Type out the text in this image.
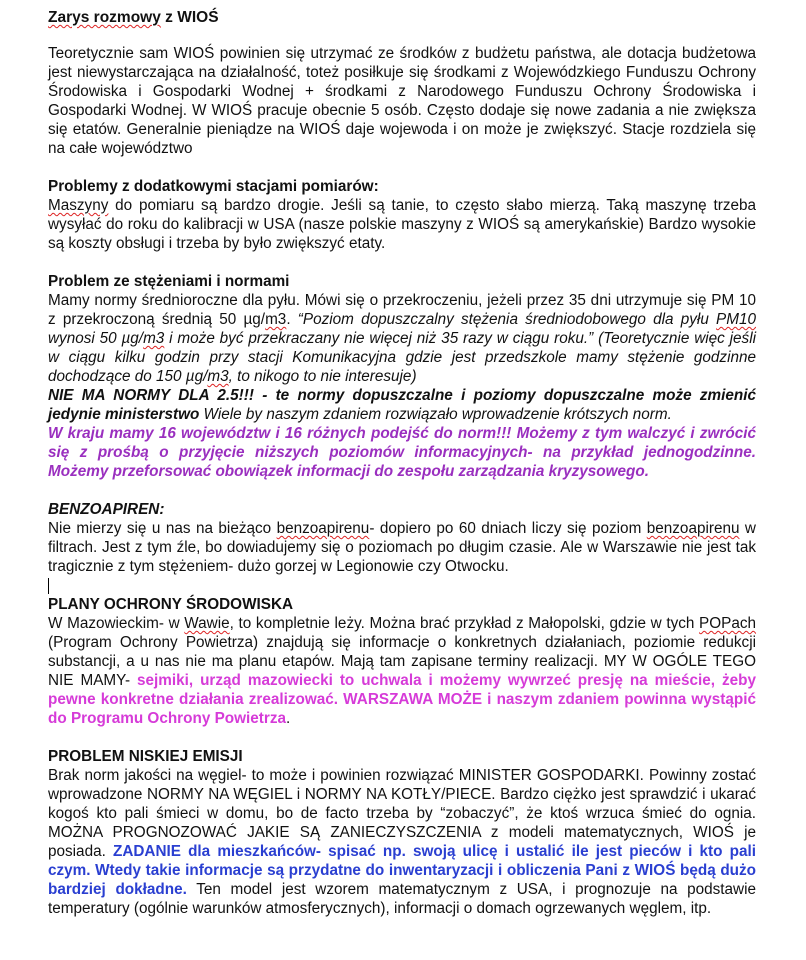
Zarys rozmowy z WIOŚ

Teoretycznie sam WIOŚ powinien się utrzymać ze środków z budżetu państwa, ale dotacja budżetowa jest niewystarczająca na działalność, toteż posiłkuje się środkami z Wojewódzkiego Funduszu Ochrony Środowiska i Gospodarki Wodnej + środkami z Narodowego Funduszu Ochrony Środowiska i Gospodarki Wodnej. W WIOŚ pracuje obecnie 5 osób. Często dodaje się nowe zadania a nie zwiększa się etatów. Generalnie pieniądze na WIOŚ daje wojewoda i on może je zwiększyć. Stacje rozdziela się na całe województwo

Problemy z dodatkowymi stacjami pomiarów:

Maszyny do pomiaru są bardzo drogie. Jeśli są tanie, to często słabo mierzą. Taką maszynę trzeba wysyłać do roku do kalibracji w USA (nasze polskie maszyny z WIOŚ są amerykańskie) Bardzo wysokie są koszty obsługi i trzeba by było zwiększyć etaty.

Problem ze stężeniami i normami

Mamy normy średnioroczne dla pyłu. Mówi się o przekroczeniu, jeżeli przez 35 dni utrzymuje się PM 10 z przekroczoną średnią 50 µg/m3. “Poziom dopuszczalny stężenia średniodobowego dla pyłu PM10 wynosi 50 µg/m3 i może być przekraczany nie więcej niż 35 razy w ciągu roku.” (Teoretycznie więc jeśli w ciągu kilku godzin przy stacji Komunikacyjna gdzie jest przedszkole mamy stężenie godzinne dochodzące do 150 µg/m3, to nikogo to nie interesuje)

NIE MA NORMY DLA 2.5!!! - te normy dopuszczalne i poziomy dopuszczalne może zmienić jedynie ministerstwo Wiele by naszym zdaniem rozwiązało wprowadzenie krótszych norm.

W kraju mamy 16 województw i 16 różnych podejść do norm!!! Możemy z tym walczyć i zwrócić się z prośbą o przyjęcie niższych poziomów informacyjnych- na przykład jednogodzinne. Możemy przeforsować obowiązek informacji do zespołu zarządzania kryzysowego.

BENZOAPIREN:

Nie mierzy się u nas na bieżąco benzoapirenu- dopiero po 60 dniach liczy się poziom benzoapirenu w filtrach. Jest z tym źle, bo dowiadujemy się o poziomach po długim czasie. Ale w Warszawie nie jest tak tragicznie z tym stężeniem- dużo gorzej w Legionowie czy Otwocku.

PLANY OCHRONY ŚRODOWISKA

W Mazowieckim- w Wawie, to kompletnie leży. Można brać przykład z Małopolski, gdzie w tych POPach (Program Ochrony Powietrza) znajdują się informacje o konkretnych działaniach, poziomie redukcji substancji, a u nas nie ma planu etapów. Mają tam zapisane terminy realizacji. MY W OGÓLE TEGO NIE MAMY- sejmiki, urząd mazowiecki to uchwala i możemy wywrzeć presję na mieście, żeby pewne konkretne działania zrealizować. WARSZAWA MOŻE i naszym zdaniem powinna wystąpić do Programu Ochrony Powietrza.

PROBLEM NISKIEJ EMISJI

Brak norm jakości na węgiel- to może i powinien rozwiązać MINISTER GOSPODARKI. Powinny zostać wprowadzone NORMY NA WĘGIEL i NORMY NA KOTŁY/PIECE. Bardzo ciężko jest sprawdzić i ukarać kogoś kto pali śmieci w domu, bo de facto trzeba by “zobaczyć”, że ktoś wrzuca śmieć do ognia. MOŻNA PROGNOZOWAĆ JAKIE SĄ ZANIECZYSZCZENIA z modeli matematycznych, WIOŚ je posiada. ZADANIE dla mieszkańców- spisać np. swoją ulicę i ustalić ile jest pieców i kto pali czym. Wtedy takie informacje są przydatne do inwentaryzacji i obliczenia Pani z WIOŚ będą dużo bardziej dokładne. Ten model jest wzorem matematycznym z USA, i prognozuje na podstawie temperatury (ogólnie warunków atmosferycznych), informacji o domach ogrzewanych węglem, itp.
